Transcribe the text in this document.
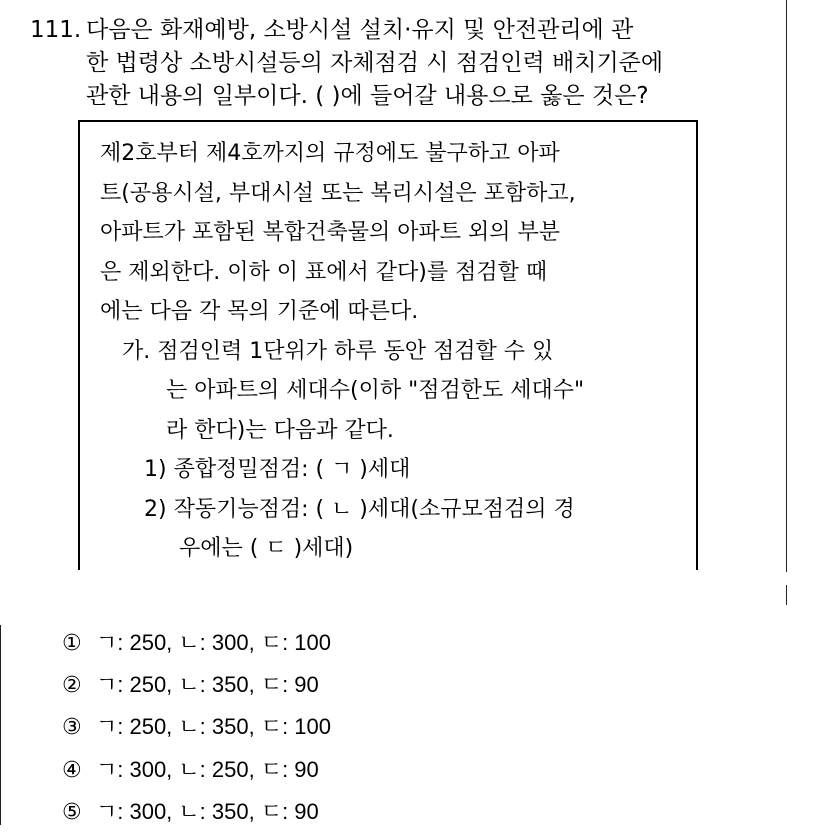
111. 다음은 화재예방, 소방시설 설치·유지 및 안전관리에 관
한 법령상 소방시설등의 자체점검 시 점검인력 배치기준에
관한 내용의 일부이다. ( )에 들어갈 내용으로 옳은 것은?
제2호부터 제4호까지의 규정에도 불구하고 아파
트(공용시설, 부대시설 또는 복리시설은 포함하고,
아파트가 포함된 복합건축물의 아파트 외의 부분
은 제외한다. 이하 이 표에서 같다)를 점검할 때
에는 다음 각 목의 기준에 따른다.
가. 점검인력 1단위가 하루 동안 점검할 수 있
는 아파트의 세대수(이하 "점검한도 세대수"
라 한다)는 다음과 같다.
1) 종합정밀점검: ( ㄱ )세대
2) 작동기능점검: ( ㄴ )세대(소규모점검의 경
우에는 ( ㄷ )세대)
① ㄱ: 250, ㄴ: 300, ㄷ: 100
② ㄱ: 250, ㄴ: 350, ㄷ: 90
③ ㄱ: 250, ㄴ: 350, ㄷ: 100
④ ㄱ: 300, ㄴ: 250, ㄷ: 90
⑤ ㄱ: 300, ㄴ: 350, ㄷ: 90
